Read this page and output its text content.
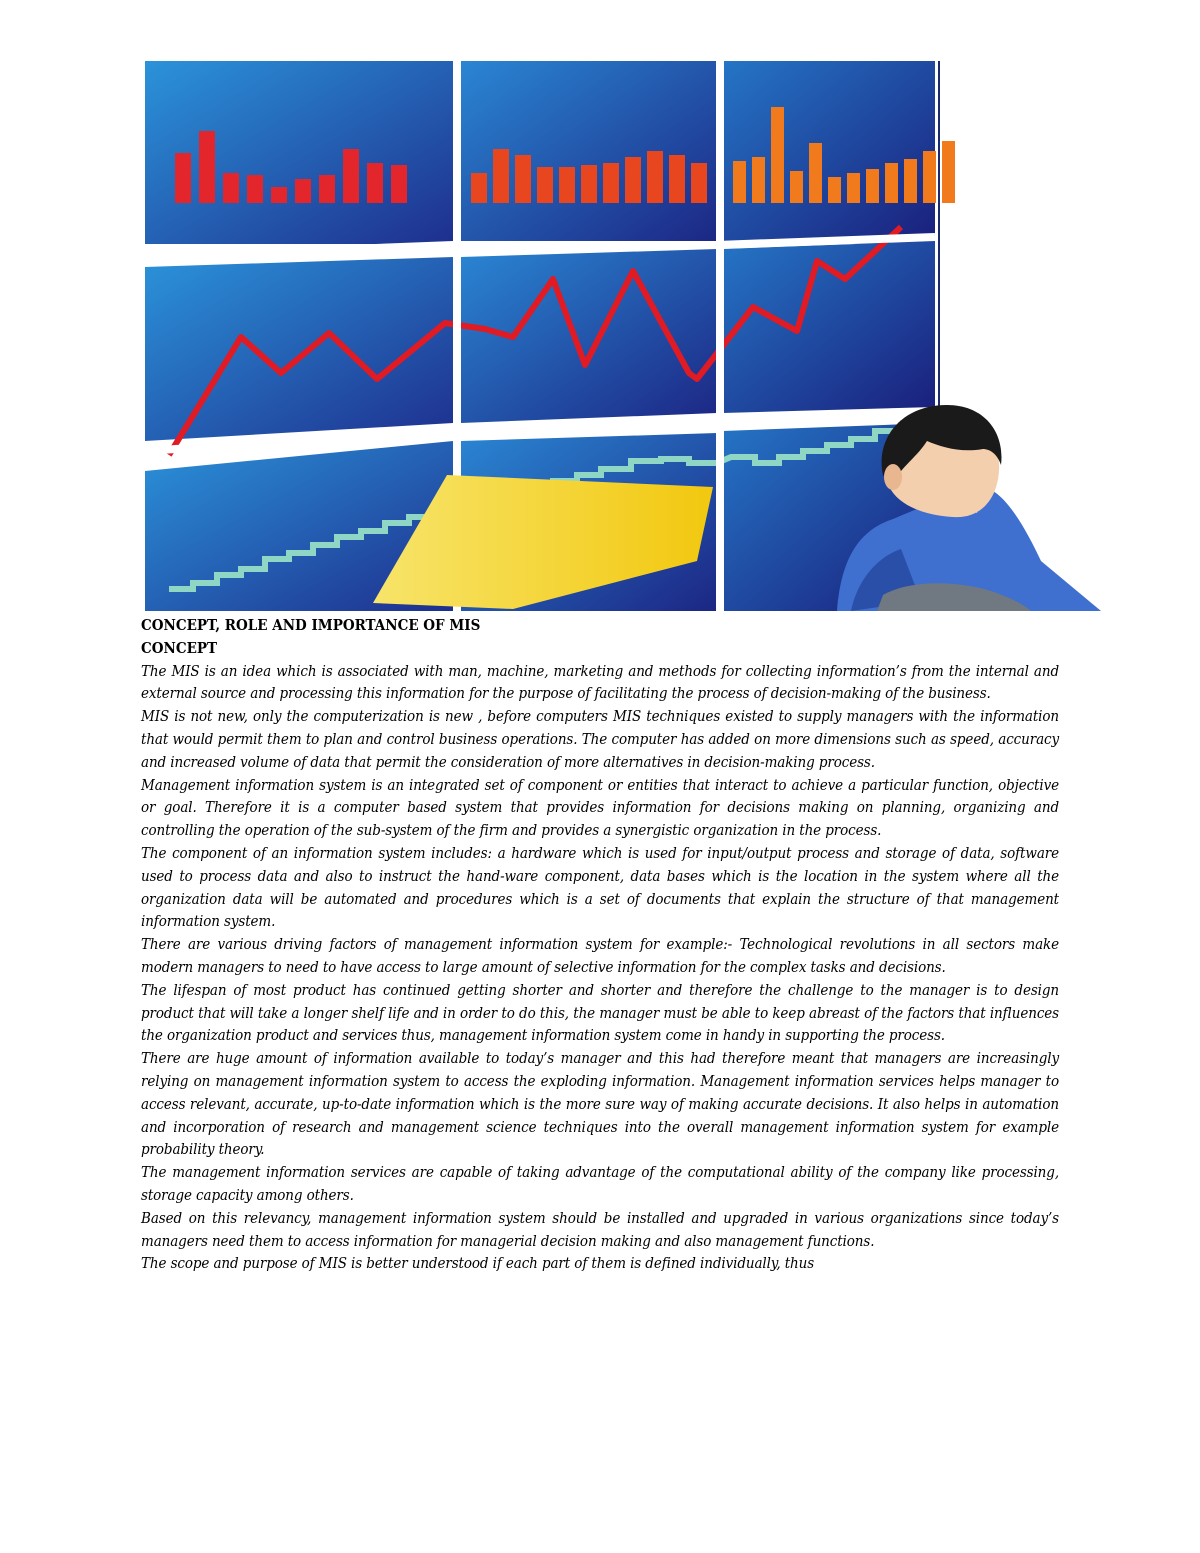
CONCEPT, ROLE AND IMPORTANCE OF MIS
CONCEPT

The MIS is an idea which is associated with man, machine, marketing and methods for collecting information’s from the internal and external source and processing this information for the purpose of facilitating the process of decision-making of the business.

MIS is not new, only the computerization is new , before computers MIS techniques existed to supply managers with the information that would permit them to plan and control business operations. The computer has added on more dimensions such as speed, accuracy and increased volume of data that permit the consideration of more alternatives in decision-making process.

Management information system is an integrated set of component or entities that interact to achieve a particular function, objective or goal. Therefore it is a computer based system that provides information for decisions making on planning, organizing and controlling the operation of the sub-system of the firm and provides a synergistic organization in the process.

The component of an information system includes: a hardware which is used for input/output process and storage of data, software used to process data and also to instruct the hand-ware component, data bases which is the location in the system where all the organization data will be automated and procedures which is a set of documents that explain the structure of that management information system.

There are various driving factors of management information system for example:- Technological revolutions in all sectors make modern managers to need to have access to large amount of selective information for the complex tasks and decisions.

The lifespan of most product has continued getting shorter and shorter and therefore the challenge to the manager is to design product that will take a longer shelf life and in order to do this, the manager must be able to keep abreast of the factors that influences the organization product and services thus, management information system come in handy in supporting the process.

There are huge amount of information available to today’s manager and this had therefore meant that managers are increasingly relying on management information system to access the exploding information. Management information services helps manager to access relevant, accurate, up-to-date information which is the more sure way of making accurate decisions. It also helps in automation and incorporation of research and management science techniques into the overall management information system for example probability theory.

The management information services are capable of taking advantage of the computational ability of the company like processing, storage capacity among others.

Based on this relevancy, management information system should be installed and upgraded in various organizations since today’s managers need them to access information for managerial decision making and also management functions.

The scope and purpose of MIS is better understood if each part of them is defined individually, thus
